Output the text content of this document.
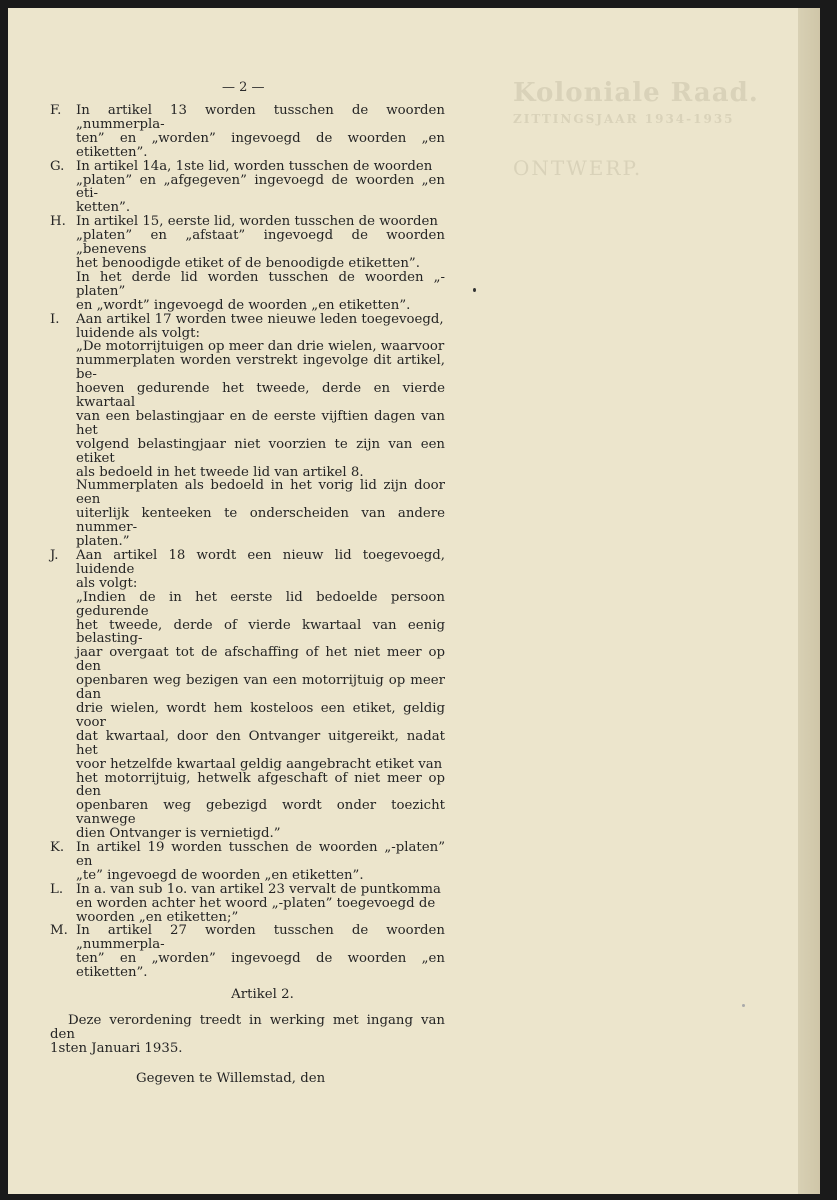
Koloniale Raad.
ZITTINGSJAAR 1934-1935
ONTWERP.
— 2 —
F.	In artikel 13 worden tusschen de woorden „nummerpla-

ten” en „worden” ingevoegd de woorden „en etiketten”.

G. In artikel 14a, 1ste lid, worden tusschen de woorden

„platen” en „afgegeven” ingevoegd de woorden „en eti-

ketten”.

H. In artikel 15, eerste lid, worden tusschen de woorden

„platen” en „afstaat” ingevoegd de woorden „benevens

het benoodigde etiket of de benoodigde etiketten”.

In het derde lid worden tusschen de woorden „-platen”

en „wordt” ingevoegd de woorden „en etiketten”.

I.	Aan artikel 17 worden twee nieuwe leden toegevoegd,

luidende als volgt:

„De motorrijtuigen op meer dan drie wielen, waarvoor

nummerplaten worden verstrekt ingevolge dit artikel, be-

hoeven gedurende het tweede, derde en vierde kwartaal

van een belastingjaar en de eerste vijftien dagen van het

volgend belastingjaar niet voorzien te zijn van een etiket

als bedoeld in het tweede lid van artikel 8.

Nummerplaten als bedoeld in het vorig lid zijn door een

uiterlijk kenteeken te onderscheiden van andere nummer-

platen.”

J.	Aan artikel 18 wordt een nieuw lid toegevoegd, luidende

als volgt:

„Indien de in het eerste lid bedoelde persoon gedurende

het tweede, derde of vierde kwartaal van eenig belasting-

jaar overgaat tot de afschaffing of het niet meer op den

openbaren weg bezigen van een motorrijtuig op meer dan

drie wielen, wordt hem kosteloos een etiket, geldig voor

dat kwartaal, door den Ontvanger uitgereikt, nadat het

voor hetzelfde kwartaal geldig aangebracht etiket van

het motorrijtuig, hetwelk afgeschaft of niet meer op den

openbaren weg gebezigd wordt onder toezicht vanwege

dien Ontvanger is vernietigd.”

K. In artikel 19 worden tusschen de woorden „-platen” en

„te” ingevoegd de woorden „en etiketten”.

L. In a. van sub 1o. van artikel 23 vervalt de puntkomma

en worden achter het woord „-platen” toegevoegd de

woorden „en etiketten;”

M. In artikel 27 worden tusschen de woorden „nummerpla-

ten” en „worden” ingevoegd de woorden „en etiketten”.

Artikel 2.
Deze verordening treedt in werking met ingang van den
1sten Januari 1935.
Gegeven te Willemstad, den
